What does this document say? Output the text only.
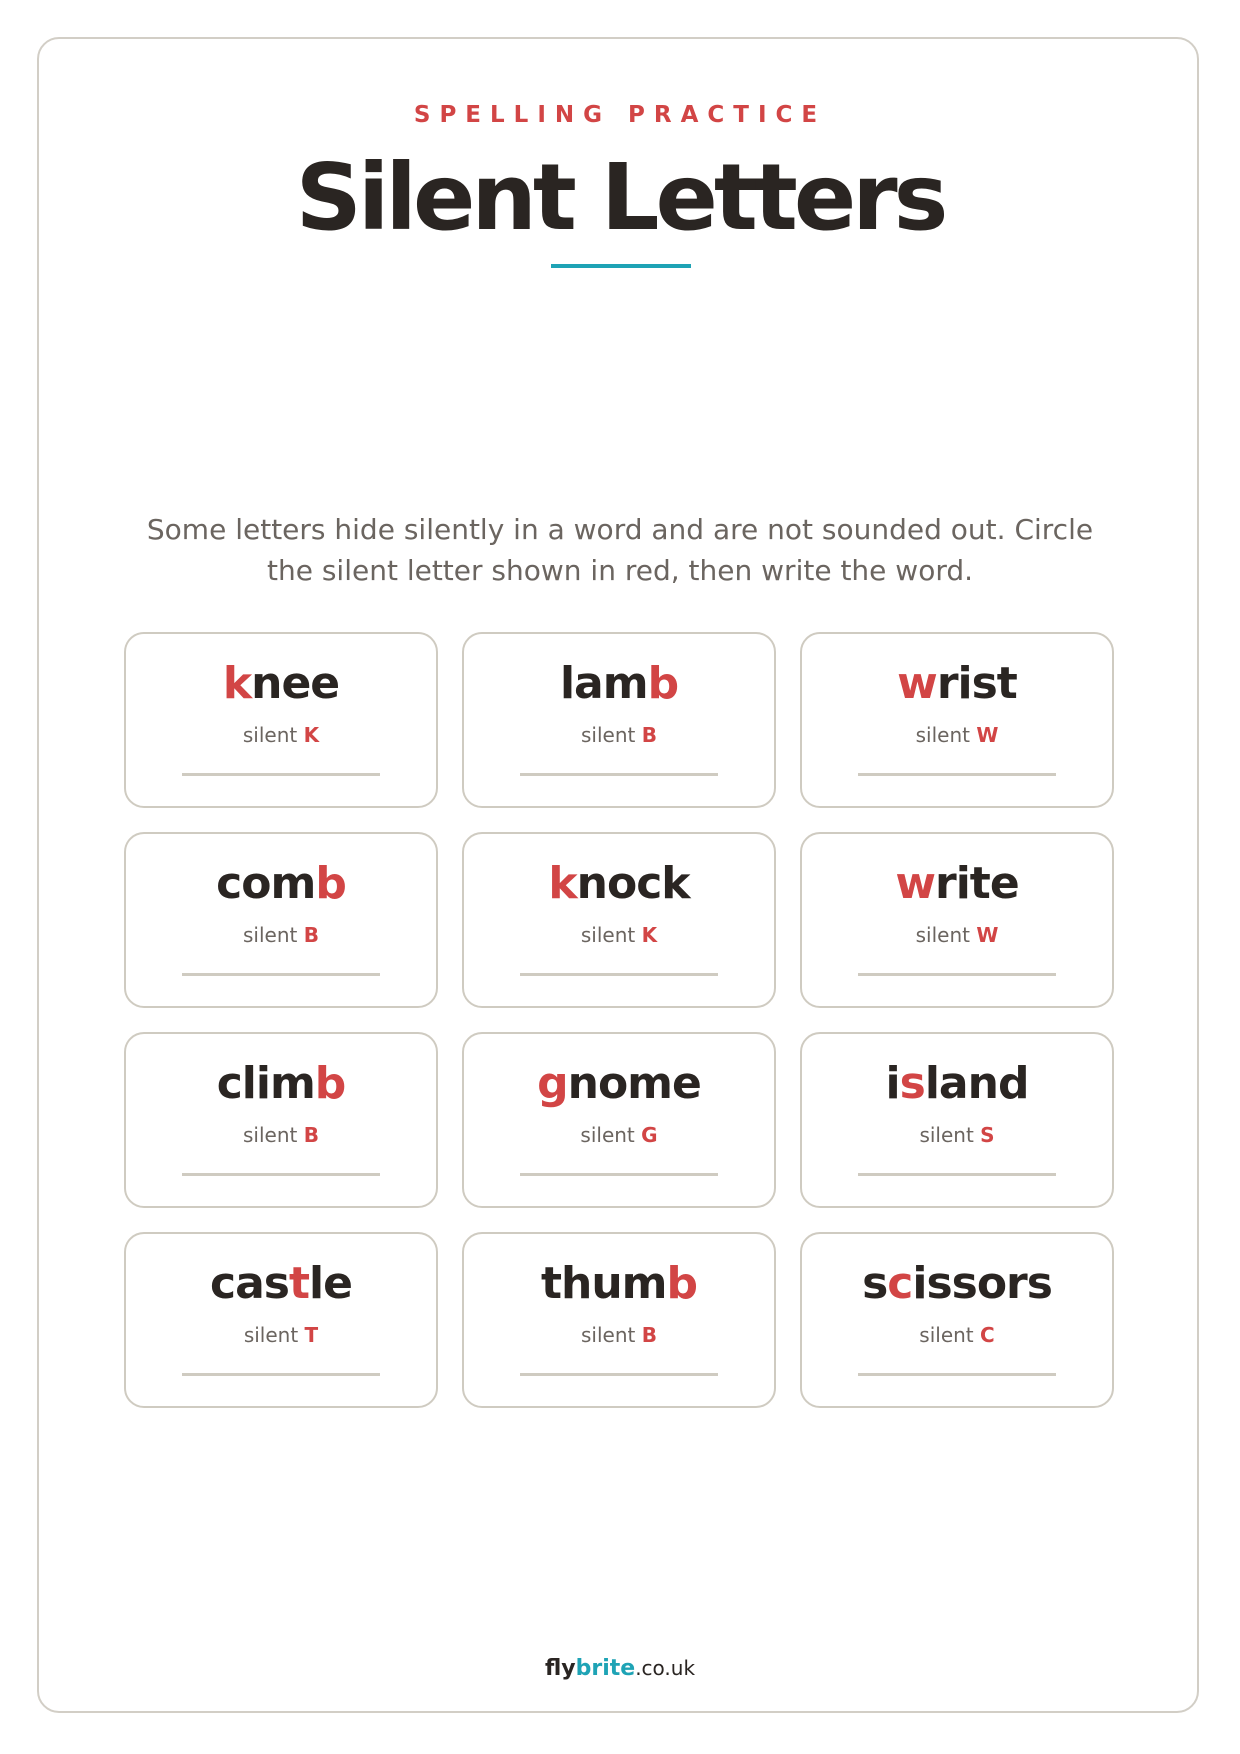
SPELLING PRACTICE
Silent Letters
Some letters hide silently in a word and are not sounded out. Circle the silent letter shown in red, then write the word.
knee
silent K
lamb
silent B
wrist
silent W
comb
silent B
knock
silent K
write
silent W
climb
silent B
gnome
silent G
island
silent S
castle
silent T
thumb
silent B
scissors
silent C
flybrite.co.uk
